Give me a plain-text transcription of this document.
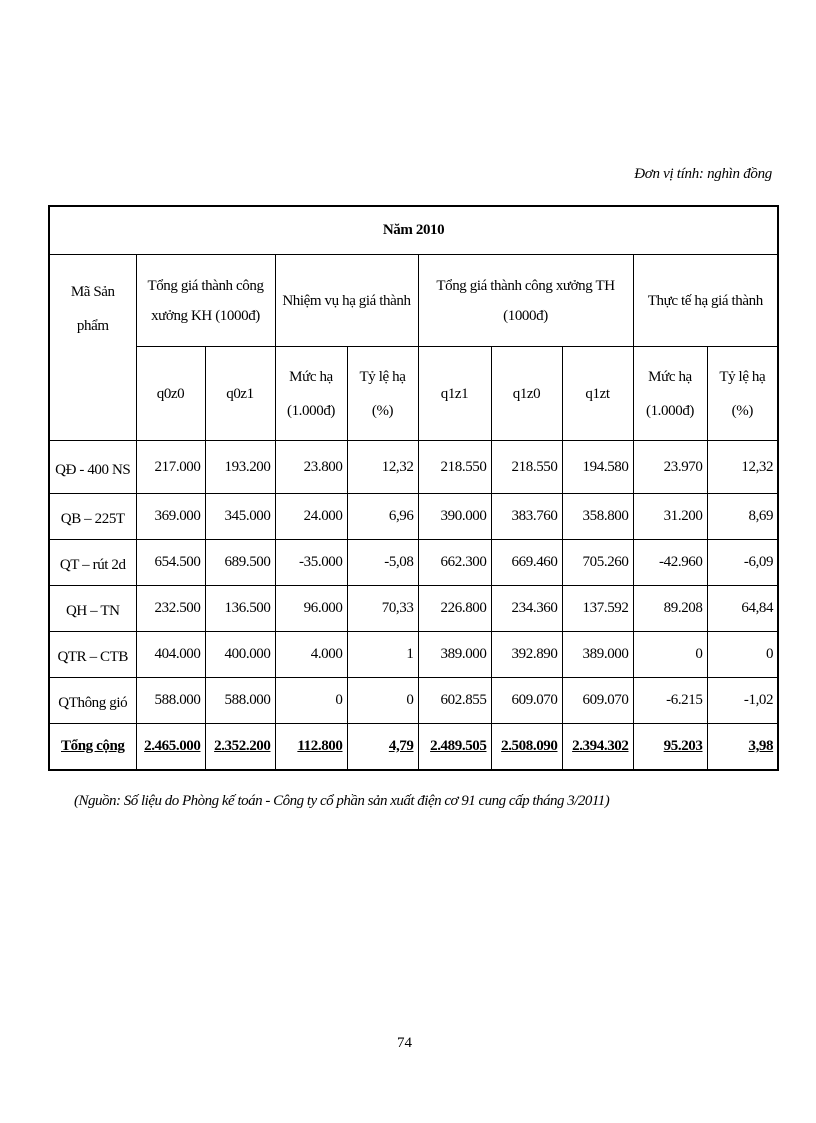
Đơn vị tính: nghìn đồng
Năm 2010									
Mã Sản phẩm	Tổng giá thành công xưởng KH (1000đ)		Nhiệm vụ hạ giá thành		Tổng giá thành công xưởng TH (1000đ)			Thực tế hạ giá thành	
	q0z0	q0z1	Mức hạ (1.000đ)	Tỷ lệ hạ (%)	q1z1	q1z0	q1zt	Mức hạ (1.000đ)	Tỷ lệ hạ (%)
QĐ - 400 NS	217.000	193.200	23.800	12,32	218.550	218.550	194.580	23.970	12,32
QB – 225T	369.000	345.000	24.000	6,96	390.000	383.760	358.800	31.200	8,69
QT – rút 2d	654.500	689.500	-35.000	-5,08	662.300	669.460	705.260	-42.960	-6,09
QH – TN	232.500	136.500	96.000	70,33	226.800	234.360	137.592	89.208	64,84
QTR – CTB	404.000	400.000	4.000	1	389.000	392.890	389.000	0	0
QThông gió	588.000	588.000	0	0	602.855	609.070	609.070	-6.215	-1,02
Tổng cộng	2.465.000	2.352.200	112.800	4,79	2.489.505	2.508.090	2.394.302	95.203	3,98
(Nguồn: Số liệu do Phòng kế toán - Công ty cổ phần sản xuất điện cơ 91 cung cấp tháng 3/2011)
74
